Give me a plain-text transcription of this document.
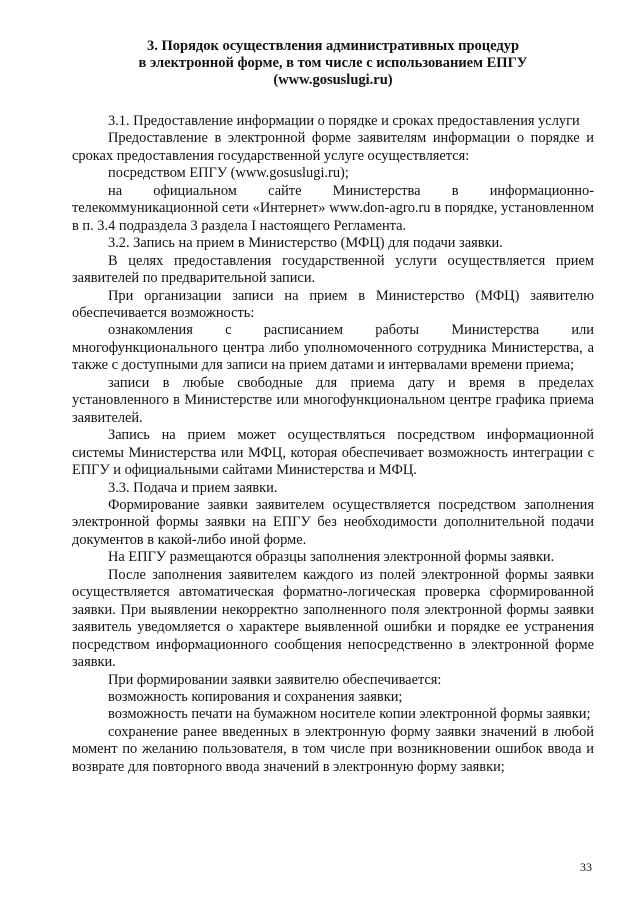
3. Порядок осуществления административных процедур
в электронной форме, в том числе с использованием ЕПГУ
(www.gosuslugi.ru)

3.1. Предоставление информации о порядке и сроках предоставления услуги

Предоставление в электронной форме заявителям информации о порядке и сроках предоставления государственной услуге осуществляется:

посредством ЕПГУ (www.gosuslugi.ru);

на официальном сайте Министерства в информационно-телекоммуникационной сети «Интернет» www.don-agro.ru в порядке, установленном в п. 3.4 подраздела 3 раздела I настоящего Регламента.

3.2. Запись на прием в Министерство (МФЦ) для подачи заявки.

В целях предоставления государственной услуги осуществляется прием заявителей по предварительной записи.

При организации записи на прием в Министерство (МФЦ) заявителю обеспечивается возможность:

ознакомления с расписанием работы Министерства или многофункционального центра либо уполномоченного сотрудника Министерства, а также с доступными для записи на прием датами и интервалами времени приема;

записи в любые свободные для приема дату и время в пределах установленного в Министерстве или многофункциональном центре графика приема заявителей.

Запись на прием может осуществляться посредством информационной системы Министерства или МФЦ, которая обеспечивает возможность интеграции с ЕПГУ и официальными сайтами Министерства и МФЦ.

3.3. Подача и прием заявки.

Формирование заявки заявителем осуществляется посредством заполнения электронной формы заявки на ЕПГУ без необходимости дополнительной подачи документов в какой-либо иной форме.

На ЕПГУ размещаются образцы заполнения электронной формы заявки.

После заполнения заявителем каждого из полей электронной формы заявки осуществляется автоматическая форматно-логическая проверка сформированной заявки. При выявлении некорректно заполненного поля электронной формы заявки заявитель уведомляется о характере выявленной ошибки и порядке ее устранения посредством информационного сообщения непосредственно в электронной форме заявки.

При формировании заявки заявителю обеспечивается:

возможность копирования и сохранения заявки;

возможность печати на бумажном носителе копии электронной формы заявки;

сохранение ранее введенных в электронную форму заявки значений в любой момент по желанию пользователя, в том числе при возникновении ошибок ввода и возврате для повторного ввода значений в электронную форму заявки;

33
